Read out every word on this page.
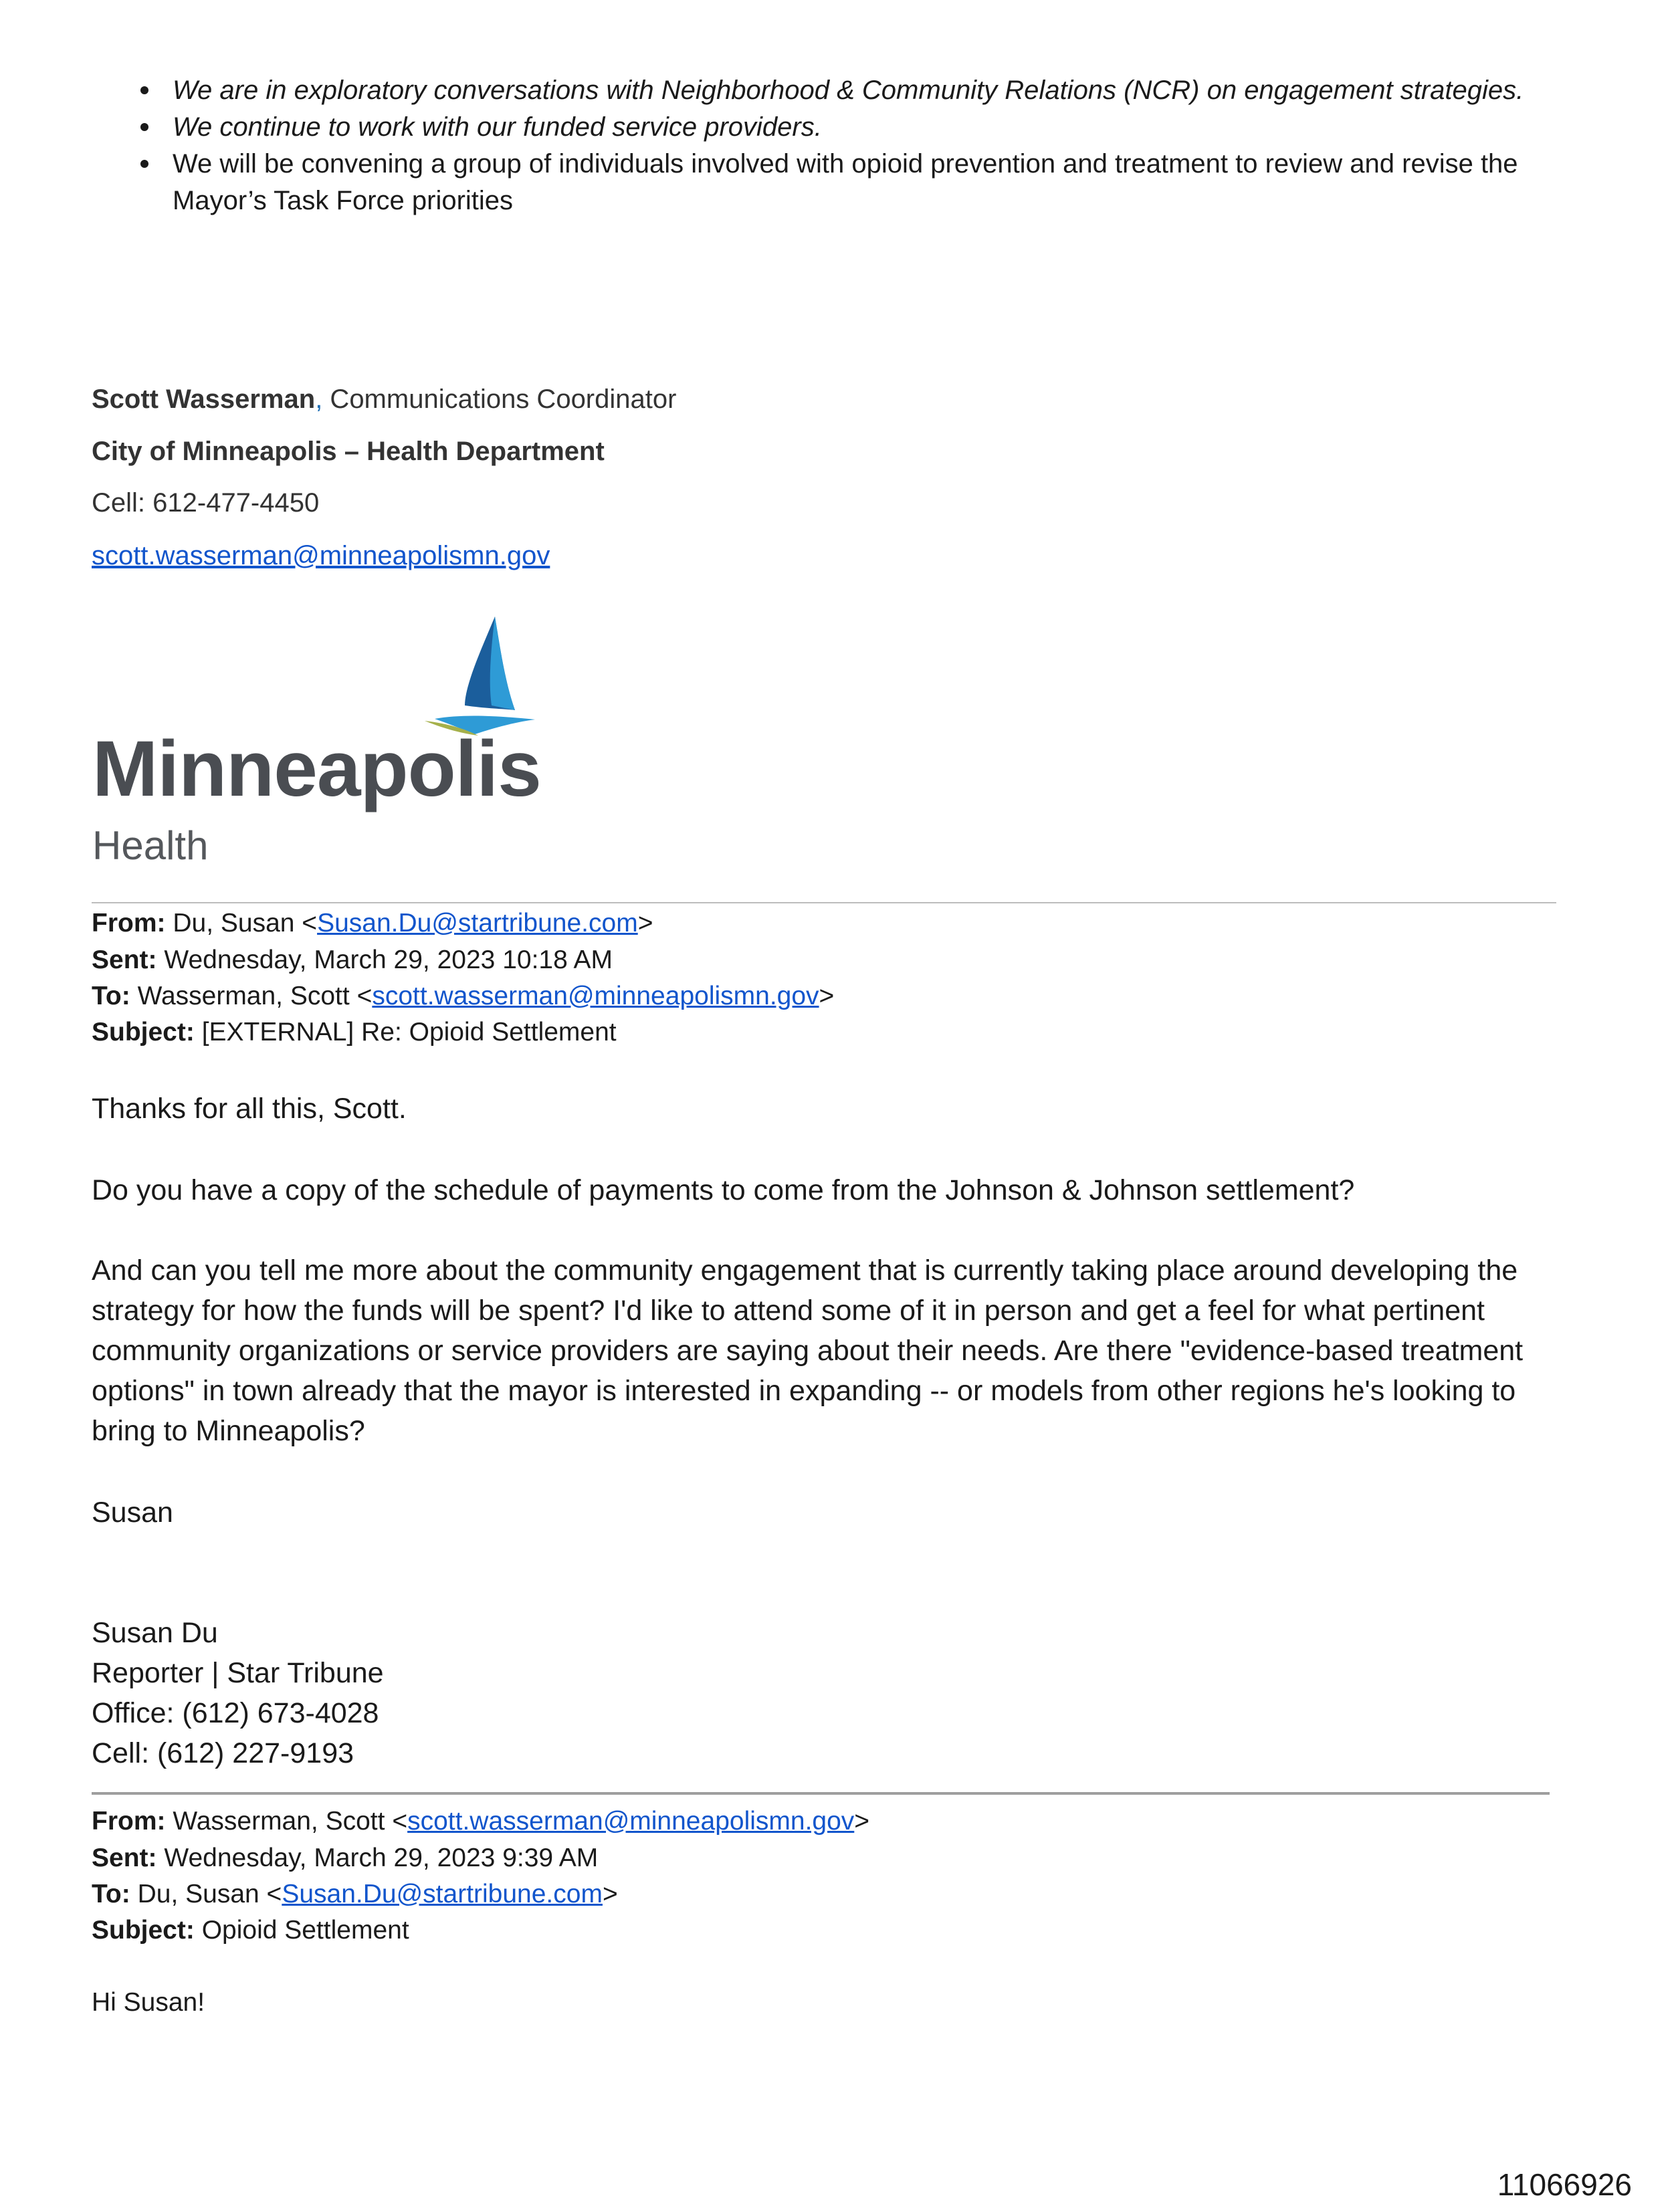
We are in exploratory conversations with Neighborhood & Community Relations (NCR) on engagement strategies.
We continue to work with our funded service providers.
We will be convening a group of individuals involved with opioid prevention and treatment to review and revise the Mayor’s Task Force priorities
Scott Wasserman, Communications Coordinator
City of Minneapolis – Health Department
Cell: 612-477-4450
scott.wasserman@minneapolismn.gov
Minneapolis
Health
From: Du, Susan <Susan.Du@startribune.com>
Sent: Wednesday, March 29, 2023 10:18 AM
To: Wasserman, Scott <scott.wasserman@minneapolismn.gov>
Subject: [EXTERNAL] Re: Opioid Settlement
Thanks for all this, Scott.
Do you have a copy of the schedule of payments to come from the Johnson & Johnson settlement?
And can you tell me more about the community engagement that is currently taking place around developing the strategy for how the funds will be spent? I'd like to attend some of it in person and get a feel for what pertinent community organizations or service providers are saying about their needs. Are there "evidence-based treatment options" in town already that the mayor is interested in expanding -- or models from other regions he's looking to bring to Minneapolis?
Susan
Susan Du
Reporter | Star Tribune
Office: (612) 673-4028
Cell: (612) 227-9193
From: Wasserman, Scott <scott.wasserman@minneapolismn.gov>
Sent: Wednesday, March 29, 2023 9:39 AM
To: Du, Susan <Susan.Du@startribune.com>
Subject: Opioid Settlement
Hi Susan!
11066926
